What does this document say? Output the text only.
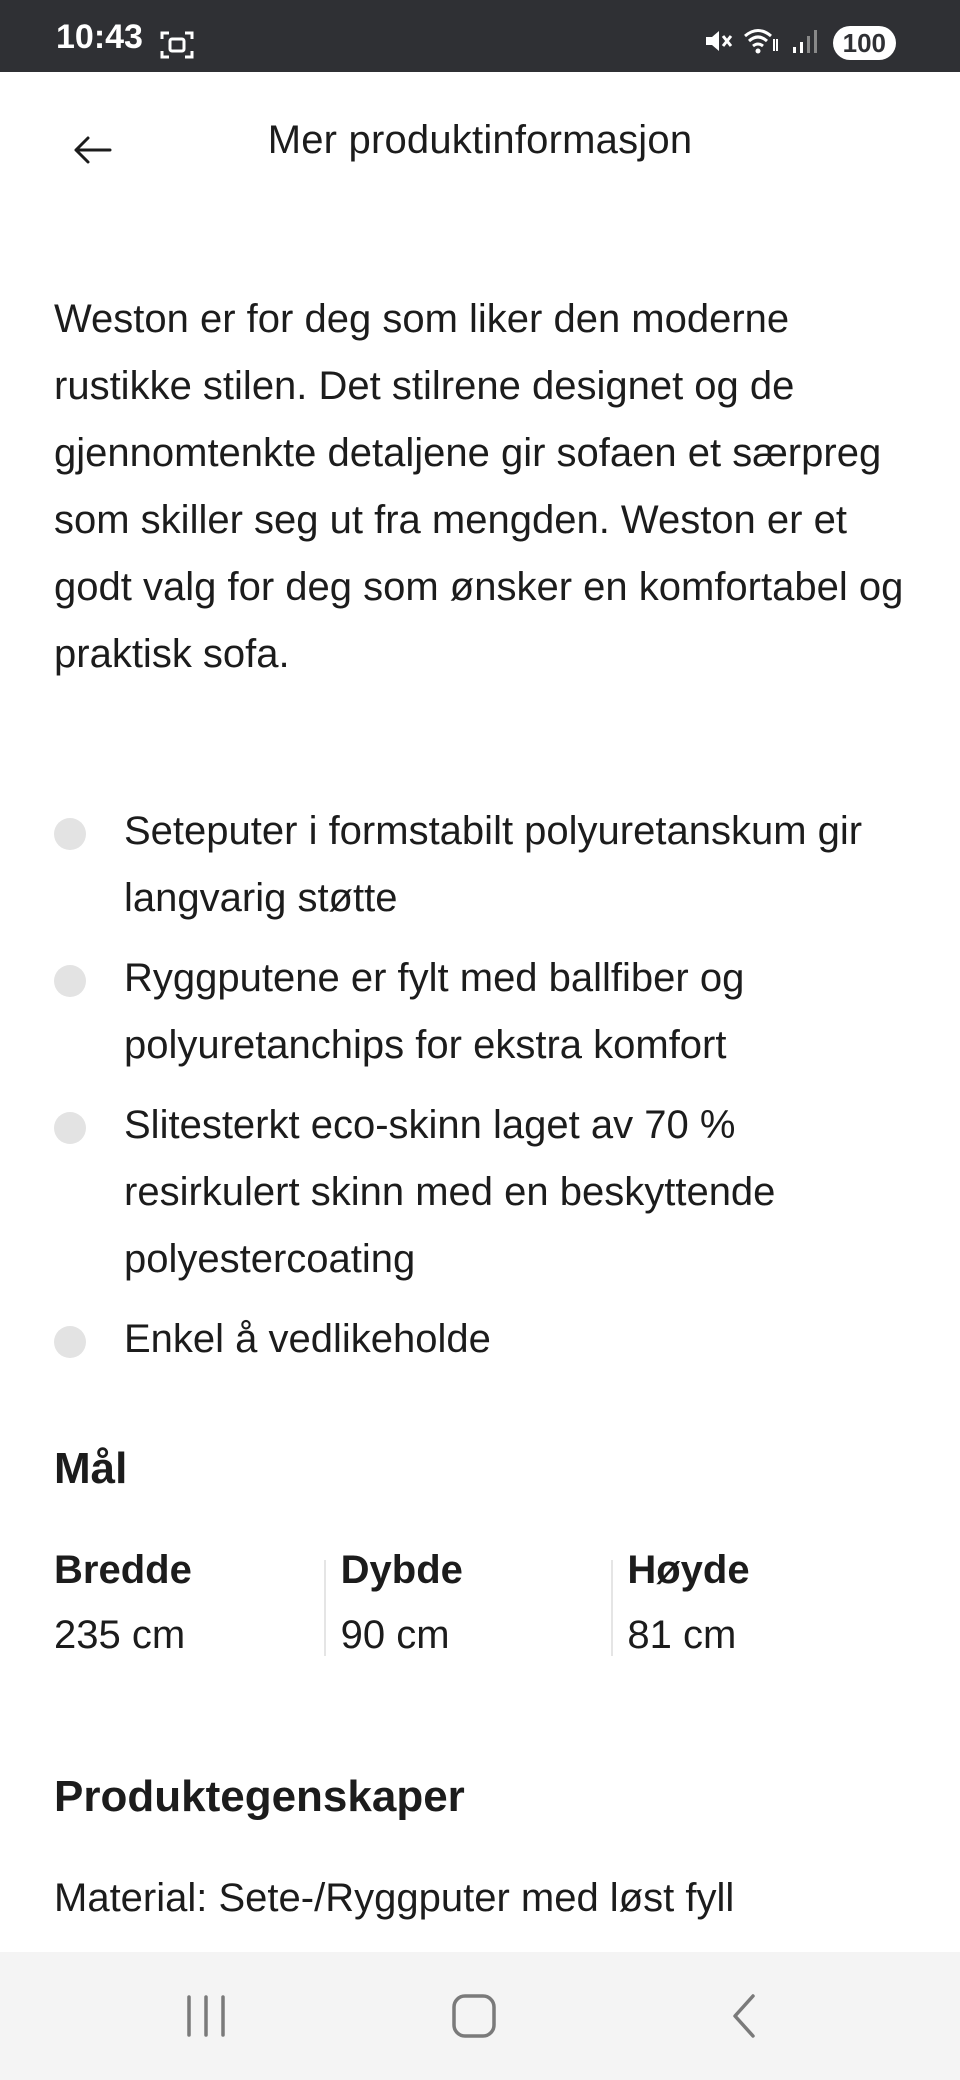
10:43	100
Mer produktinformasjon

Weston er for deg som liker den moderne rustikke stilen. Det stilrene designet og de gjennomtenkte detaljene gir sofaen et særpreg som skiller seg ut fra mengden. Weston er et godt valg for deg som ønsker en komfortabel og praktisk sofa.

Seteputer i formstabilt polyuretanskum gir langvarig støtte
Ryggputene er fylt med ballfiber og polyuretanchips for ekstra komfort
Slitesterkt eco-skinn laget av 70 % resirkulert skinn med en beskyttende polyestercoating
Enkel å vedlikeholde
Mål
Bredde
235 cm
Dybde
90 cm
Høyde
81 cm
Produktegenskaper

Material: Sete-/Ryggputer med løst fyll
